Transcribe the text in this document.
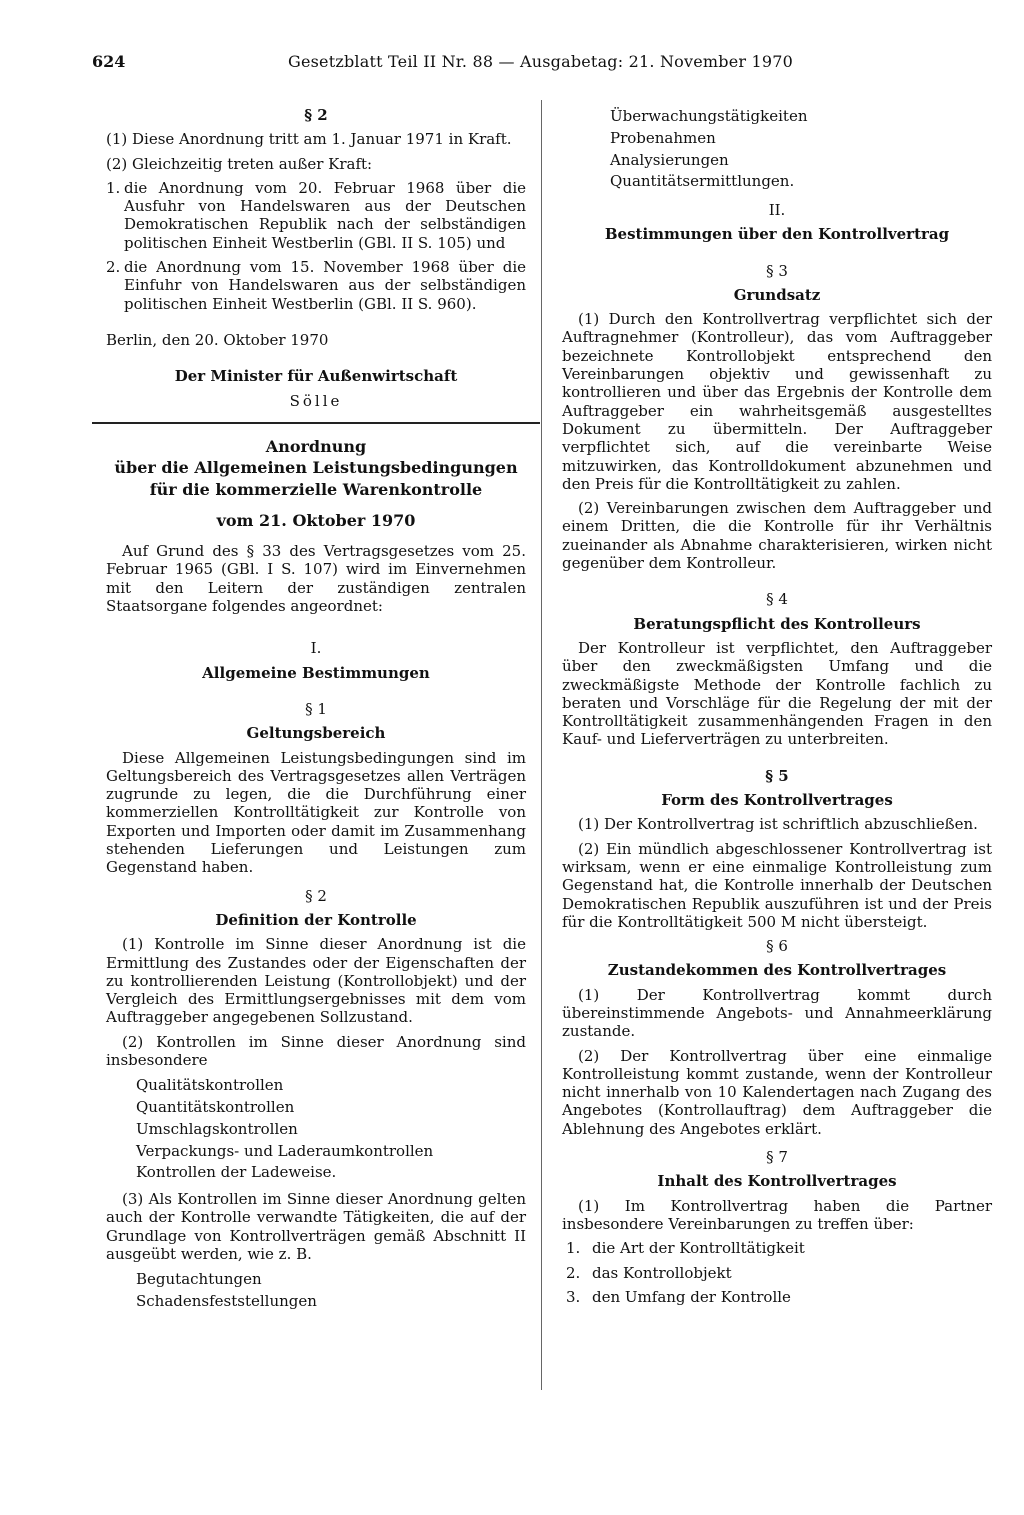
624	Gesetzblatt Teil II Nr. 88 — Ausgabetag: 21. November 1970

§ 2

(1) Diese Anordnung tritt am 1. Januar 1971 in Kraft.

(2) Gleichzeitig treten außer Kraft:

1. die Anordnung vom 20. Februar 1968 über die Ausfuhr von Handelswaren aus der Deutschen Demokratischen Republik nach der selbständigen politischen Einheit Westberlin (GBl. II S. 105) und
2. die Anordnung vom 15. November 1968 über die Einfuhr von Handelswaren aus der selbständigen politischen Einheit Westberlin (GBl. II S. 960).

Berlin, den 20. Oktober 1970

Der Minister für Außenwirtschaft

Sölle

Anordnung
über die Allgemeinen Leistungsbedingungen
für die kommerzielle Warenkontrolle

vom 21. Oktober 1970

Auf Grund des § 33 des Vertragsgesetzes vom 25. Februar 1965 (GBl. I S. 107) wird im Einvernehmen mit den Leitern der zuständigen zentralen Staatsorgane folgendes angeordnet:

I.

Allgemeine Bestimmungen

§ 1

Geltungsbereich

Diese Allgemeinen Leistungsbedingungen sind im Geltungsbereich des Vertragsgesetzes allen Verträgen zugrunde zu legen, die die Durchführung einer kommerziellen Kontrolltätigkeit zur Kontrolle von Exporten und Importen oder damit im Zusammenhang stehenden Lieferungen und Leistungen zum Gegenstand haben.

§ 2

Definition der Kontrolle

(1) Kontrolle im Sinne dieser Anordnung ist die Ermittlung des Zustandes oder der Eigenschaften der zu kontrollierenden Leistung (Kontrollobjekt) und der Vergleich des Ermittlungsergebnisses mit dem vom Auftraggeber angegebenen Sollzustand.

(2) Kontrollen im Sinne dieser Anordnung sind insbesondere

Qualitätskontrollen
Quantitätskontrollen
Umschlagskontrollen
Verpackungs- und Laderaumkontrollen
Kontrollen der Ladeweise.

(3) Als Kontrollen im Sinne dieser Anordnung gelten auch der Kontrolle verwandte Tätigkeiten, die auf der Grundlage von Kontrollverträgen gemäß Abschnitt II ausgeübt werden, wie z. B.

Begutachtungen
Schadensfeststellungen
Überwachungstätigkeiten
Probenahmen
Analysierungen
Quantitätsermittlungen.

II.

Bestimmungen über den Kontrollvertrag

§ 3

Grundsatz

(1) Durch den Kontrollvertrag verpflichtet sich der Auftragnehmer (Kontrolleur), das vom Auftraggeber bezeichnete Kontrollobjekt entsprechend den Vereinbarungen objektiv und gewissenhaft zu kontrollieren und über das Ergebnis der Kontrolle dem Auftraggeber ein wahrheitsgemäß ausgestelltes Dokument zu übermitteln. Der Auftraggeber verpflichtet sich, auf die vereinbarte Weise mitzuwirken, das Kontrolldokument abzunehmen und den Preis für die Kontrolltätigkeit zu zahlen.

(2) Vereinbarungen zwischen dem Auftraggeber und einem Dritten, die die Kontrolle für ihr Verhältnis zueinander als Abnahme charakterisieren, wirken nicht gegenüber dem Kontrolleur.

§ 4

Beratungspflicht des Kontrolleurs

Der Kontrolleur ist verpflichtet, den Auftraggeber über den zweckmäßigsten Umfang und die zweckmäßigste Methode der Kontrolle fachlich zu beraten und Vorschläge für die Regelung der mit der Kontrolltätigkeit zusammenhängenden Fragen in den Kauf- und Lieferverträgen zu unterbreiten.

§ 5

Form des Kontrollvertrages

(1) Der Kontrollvertrag ist schriftlich abzuschließen.

(2) Ein mündlich abgeschlossener Kontrollvertrag ist wirksam, wenn er eine einmalige Kontrolleistung zum Gegenstand hat, die Kontrolle innerhalb der Deutschen Demokratischen Republik auszuführen ist und der Preis für die Kontrolltätigkeit 500 M nicht übersteigt.

§ 6

Zustandekommen des Kontrollvertrages

(1) Der Kontrollvertrag kommt durch übereinstimmende Angebots- und Annahmeerklärung zustande.

(2) Der Kontrollvertrag über eine einmalige Kontrolleistung kommt zustande, wenn der Kontrolleur nicht innerhalb von 10 Kalendertagen nach Zugang des Angebotes (Kontrollauftrag) dem Auftraggeber die Ablehnung des Angebotes erklärt.

§ 7

Inhalt des Kontrollvertrages

(1) Im Kontrollvertrag haben die Partner insbesondere Vereinbarungen zu treffen über:

1. die Art der Kontrolltätigkeit
2. das Kontrollobjekt
3. den Umfang der Kontrolle
